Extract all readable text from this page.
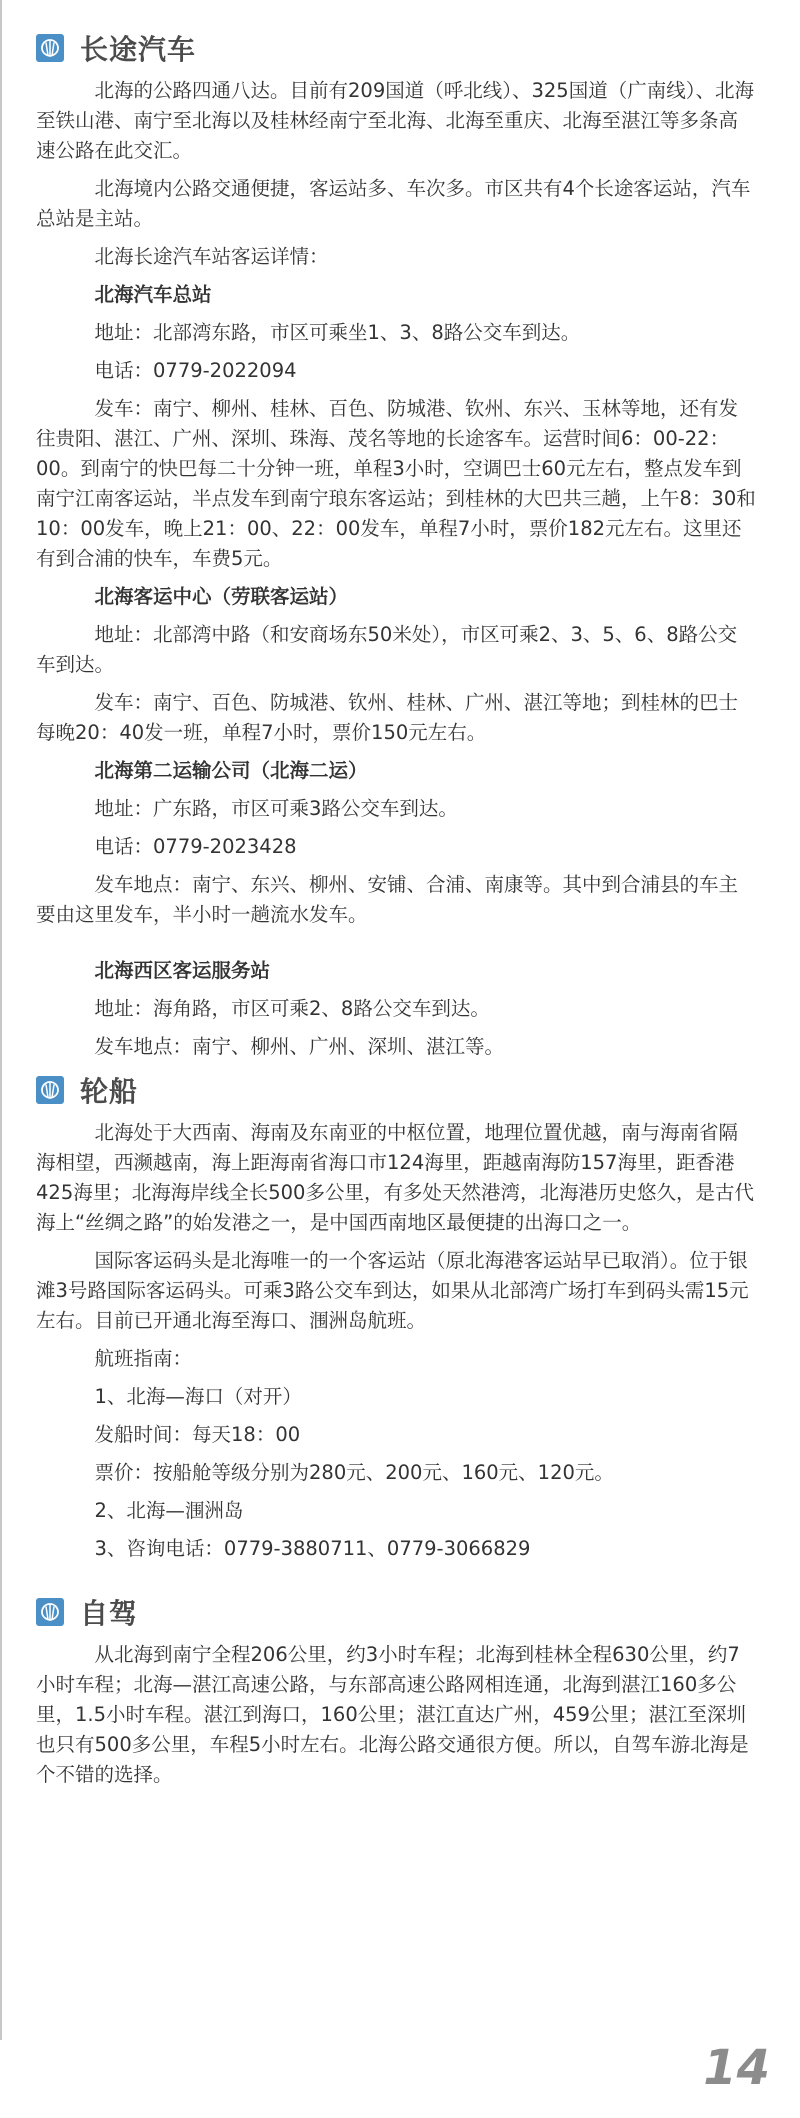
长途汽车

北海的公路四通八达。目前有209国道（呼北线）、325国道（广南线）、北海至铁山港、南宁至北海以及桂林经南宁至北海、北海至重庆、北海至湛江等多条高速公路在此交汇。

北海境内公路交通便捷，客运站多、车次多。市区共有4个长途客运站，汽车总站是主站。

北海长途汽车站客运详情：

北海汽车总站

地址：北部湾东路，市区可乘坐1、3、8路公交车到达。

电话：0779-2022094

发车：南宁、柳州、桂林、百色、防城港、钦州、东兴、玉林等地，还有发往贵阳、湛江、广州、深圳、珠海、茂名等地的长途客车。运营时间6：00-22：00。到南宁的快巴每二十分钟一班，单程3小时，空调巴士60元左右，整点发车到南宁江南客运站，半点发车到南宁琅东客运站；到桂林的大巴共三趟，上午8：30和10：00发车，晚上21：00、22：00发车，单程7小时，票价182元左右。这里还有到合浦的快车，车费5元。

北海客运中心（劳联客运站）

地址：北部湾中路（和安商场东50米处），市区可乘2、3、5、6、8路公交车到达。

发车：南宁、百色、防城港、钦州、桂林、广州、湛江等地；到桂林的巴士每晚20：40发一班，单程7小时，票价150元左右。

北海第二运输公司（北海二运）

地址：广东路，市区可乘3路公交车到达。

电话：0779-2023428

发车地点：南宁、东兴、柳州、安铺、合浦、南康等。其中到合浦县的车主要由这里发车，半小时一趟流水发车。

北海西区客运服务站

地址：海角路，市区可乘2、8路公交车到达。

发车地点：南宁、柳州、广州、深圳、湛江等。

轮船

北海处于大西南、海南及东南亚的中枢位置，地理位置优越，南与海南省隔海相望，西濒越南，海上距海南省海口市124海里，距越南海防157海里，距香港425海里；北海海岸线全长500多公里，有多处天然港湾，北海港历史悠久，是古代海上“丝绸之路”的始发港之一，是中国西南地区最便捷的出海口之一。

国际客运码头是北海唯一的一个客运站（原北海港客运站早已取消）。位于银滩3号路国际客运码头。可乘3路公交车到达，如果从北部湾广场打车到码头需15元左右。目前已开通北海至海口、涠洲岛航班。

航班指南：

1、北海—海口（对开）

发船时间：每天18：00

票价：按船舱等级分别为280元、200元、160元、120元。

2、北海—涠洲岛

3、咨询电话：0779-3880711、0779-3066829

自驾

从北海到南宁全程206公里，约3小时车程；北海到桂林全程630公里，约7小时车程；北海—湛江高速公路，与东部高速公路网相连通，北海到湛江160多公里，1.5小时车程。湛江到海口，160公里；湛江直达广州，459公里；湛江至深圳也只有500多公里，车程5小时左右。北海公路交通很方便。所以，自驾车游北海是个不错的选择。

14
